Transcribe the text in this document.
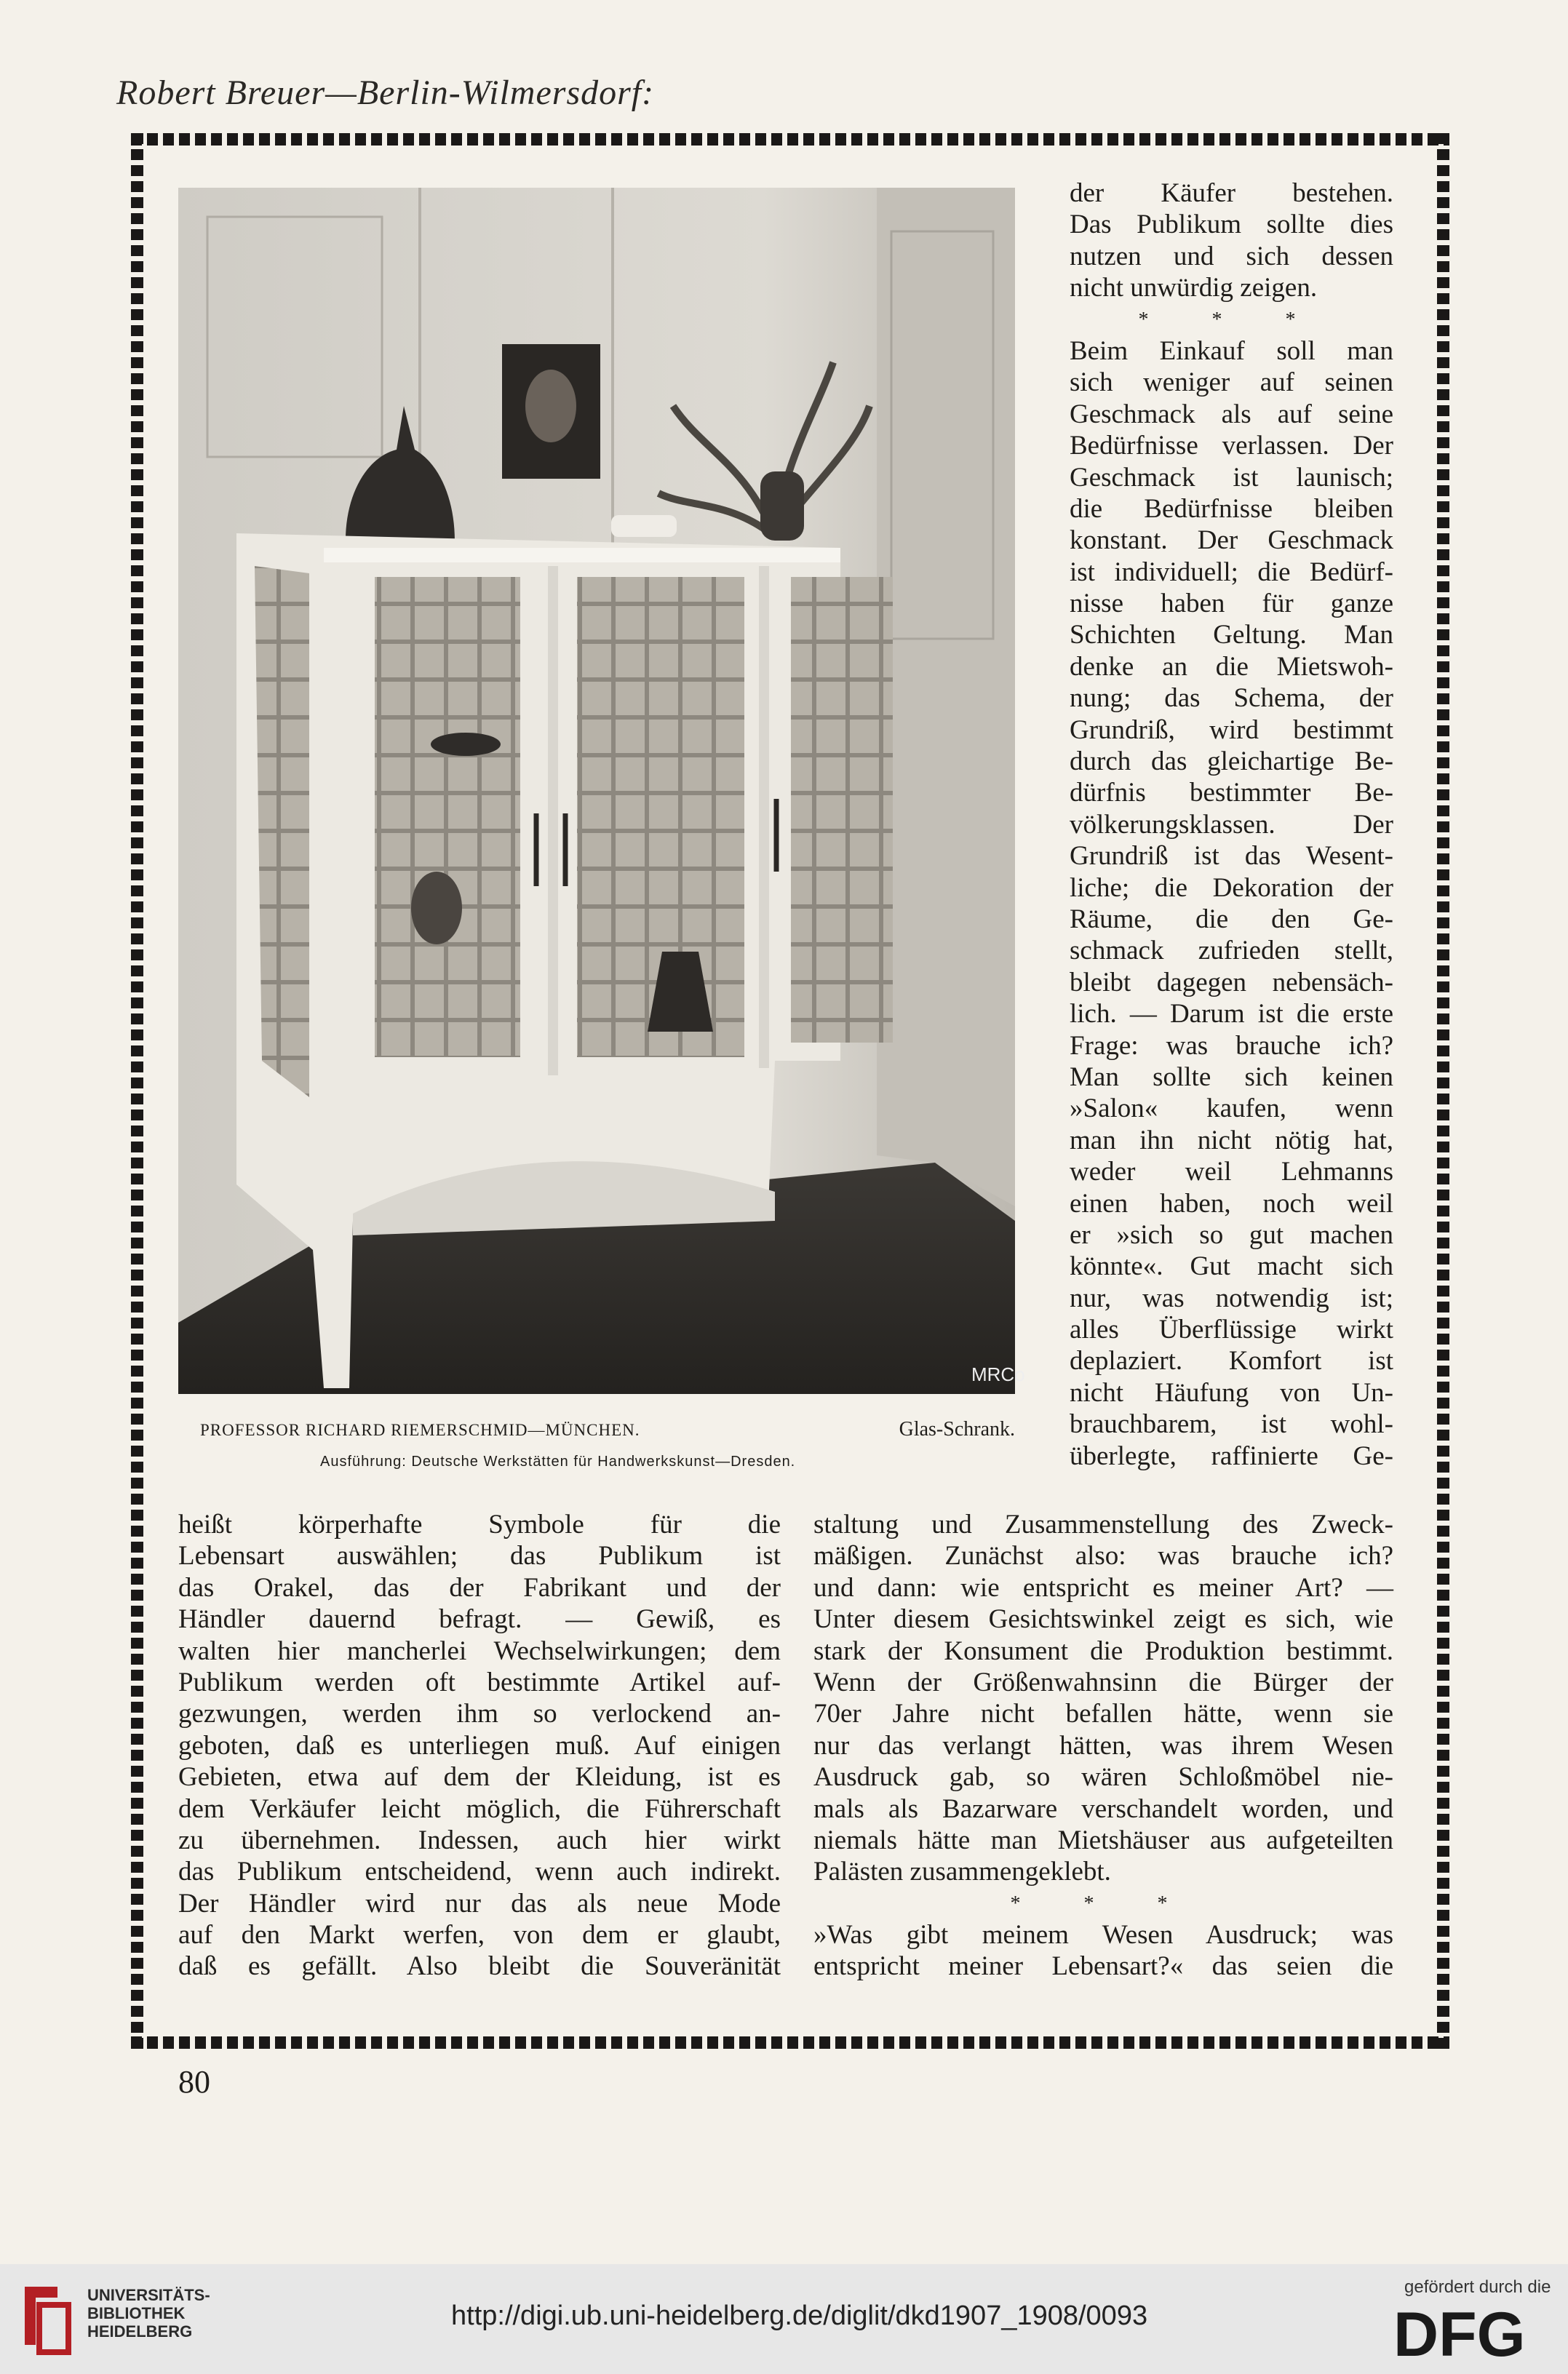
Robert Breuer—Berlin-Wilmersdorf:
MRCo
PROFESSOR RICHARD RIEMERSCHMID—MÜNCHEN.	Glas-Schrank.
Ausführung: Deutsche Werkstätten für Handwerkskunst—Dresden.
der Käufer bestehen.
Das Publikum sollte dies
nutzen und sich dessen
nicht unwürdig zeigen.
* * *
Beim Einkauf soll man
sich weniger auf seinen
Geschmack als auf seine
Bedürfnisse verlassen. Der
Geschmack ist launisch;
die Bedürfnisse bleiben
konstant. Der Geschmack
ist individuell; die Bedürf-
nisse haben für ganze
Schichten Geltung. Man
denke an die Mietswoh-
nung; das Schema, der
Grundriß, wird bestimmt
durch das gleichartige Be-
dürfnis bestimmter Be-
völkerungsklassen. Der
Grundriß ist das Wesent-
liche; die Dekoration der
Räume, die den Ge-
schmack zufrieden stellt,
bleibt dagegen nebensäch-
lich. — Darum ist die erste
Frage: was brauche ich?
Man sollte sich keinen
»Salon« kaufen, wenn
man ihn nicht nötig hat,
weder weil Lehmanns
einen haben, noch weil
er »sich so gut machen
könnte«. Gut macht sich
nur, was notwendig ist;
alles Überflüssige wirkt
deplaziert. Komfort ist
nicht Häufung von Un-
brauchbarem, ist wohl-
überlegte, raffinierte Ge-
heißt körperhafte Symbole für die
Lebensart auswählen; das Publikum ist
das Orakel, das der Fabrikant und der
Händler dauernd befragt. — Gewiß, es
walten hier mancherlei Wechselwirkungen; dem
Publikum werden oft bestimmte Artikel auf-
gezwungen, werden ihm so verlockend an-
geboten, daß es unterliegen muß. Auf einigen
Gebieten, etwa auf dem der Kleidung, ist es
dem Verkäufer leicht möglich, die Führerschaft
zu übernehmen. Indessen, auch hier wirkt
das Publikum entscheidend, wenn auch indirekt.
Der Händler wird nur das als neue Mode
auf den Markt werfen, von dem er glaubt,
daß es gefällt. Also bleibt die Souveränität
staltung und Zusammenstellung des Zweck-
mäßigen. Zunächst also: was brauche ich?
und dann: wie entspricht es meiner Art? —
Unter diesem Gesichtswinkel zeigt es sich, wie
stark der Konsument die Produktion bestimmt.
Wenn der Größenwahnsinn die Bürger der
70er Jahre nicht befallen hätte, wenn sie
nur das verlangt hätten, was ihrem Wesen
Ausdruck gab, so wären Schloßmöbel nie-
mals als Bazarware verschandelt worden, und
niemals hätte man Mietshäuser aus aufgeteilten
Palästen zusammengeklebt.
* * *
»Was gibt meinem Wesen Ausdruck; was
entspricht meiner Lebensart?« das seien die
80
UNIVERSITÄTS-
BIBLIOTHEK
HEIDELBERG
http://digi.ub.uni-heidelberg.de/diglit/dkd1907_1908/0093
gefördert durch die
DFG
